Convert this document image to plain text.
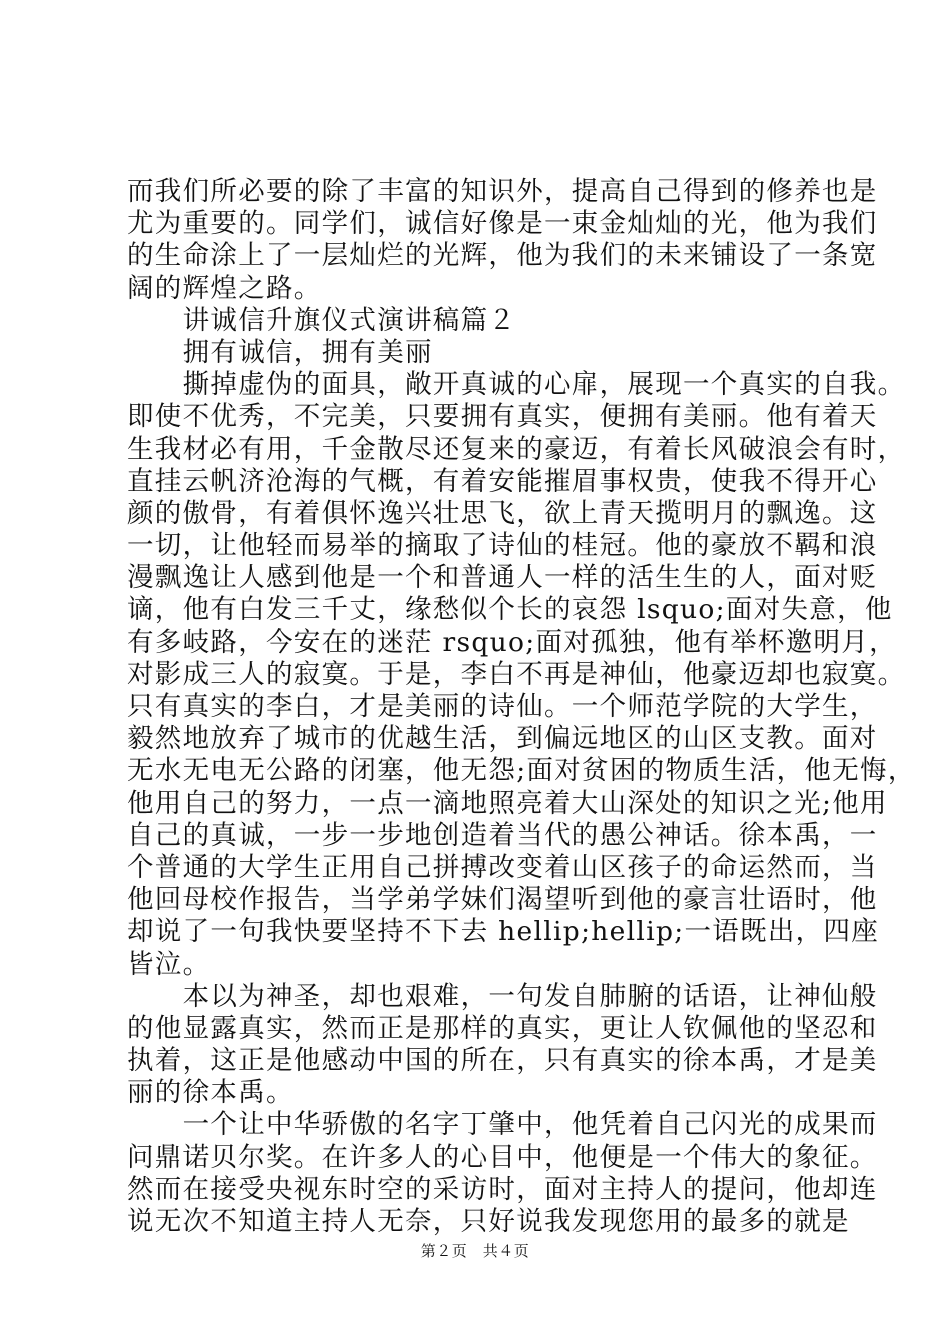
而我们所必要的除了丰富的知识外，提高自己得到的修养也是
尤为重要的。同学们，诚信好像是一束金灿灿的光，他为我们
的生命涂上了一层灿烂的光辉，他为我们的未来铺设了一条宽
阔的辉煌之路。
　　讲诚信升旗仪式演讲稿篇２
　　拥有诚信，拥有美丽
　　撕掉虚伪的面具，敞开真诚的心扉，展现一个真实的自我。
即使不优秀，不完美，只要拥有真实，便拥有美丽。他有着天
生我材必有用，千金散尽还复来的豪迈，有着长风破浪会有时，
直挂云帆济沧海的气概，有着安能摧眉事权贵，使我不得开心
颜的傲骨，有着俱怀逸兴壮思飞，欲上青天揽明月的飘逸。这
一切，让他轻而易举的摘取了诗仙的桂冠。他的豪放不羁和浪
漫飘逸让人感到他是一个和普通人一样的活生生的人，面对贬
谪，他有白发三千丈，缘愁似个长的哀怨 lsquo;面对失意，他
有多岐路，今安在的迷茫 rsquo;面对孤独，他有举杯邀明月，
对影成三人的寂寞。于是，李白不再是神仙，他豪迈却也寂寞。
只有真实的李白，才是美丽的诗仙。一个师范学院的大学生，
毅然地放弃了城市的优越生活，到偏远地区的山区支教。面对
无水无电无公路的闭塞，他无怨;面对贫困的物质生活，他无悔，
他用自己的努力，一点一滴地照亮着大山深处的知识之光;他用
自己的真诚，一步一步地创造着当代的愚公神话。徐本禹，一
个普通的大学生正用自己拼搏改变着山区孩子的命运然而，当
他回母校作报告，当学弟学妹们渴望听到他的豪言壮语时，他
却说了一句我快要坚持不下去 hellip;hellip;一语既出，四座
皆泣。
　　本以为神圣，却也艰难，一句发自肺腑的话语，让神仙般
的他显露真实，然而正是那样的真实，更让人钦佩他的坚忍和
执着，这正是他感动中国的所在，只有真实的徐本禹，才是美
丽的徐本禹。
　　一个让中华骄傲的名字丁肇中，他凭着自己闪光的成果而
问鼎诺贝尔奖。在许多人的心目中，他便是一个伟大的象征。
然而在接受央视东时空的采访时，面对主持人的提问，他却连
说无次不知道主持人无奈，只好说我发现您用的最多的就是
第２页　共４页
